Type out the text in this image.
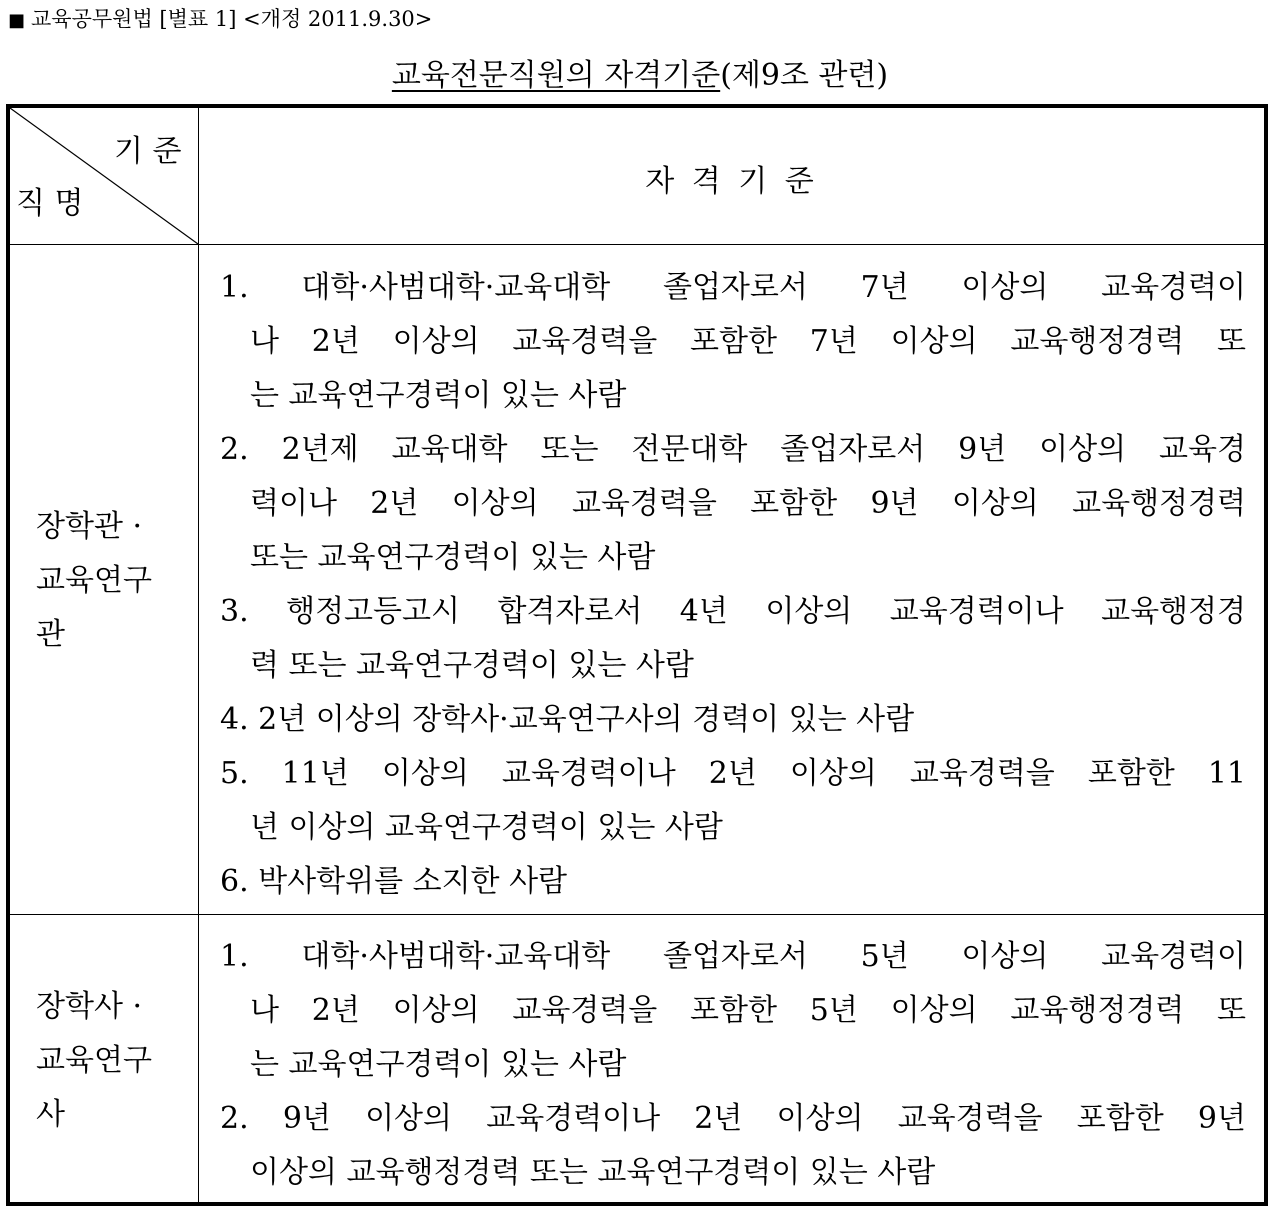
■ 교육공무원법 [별표 1] <개정 2011.9.30>
교육전문직원의 자격기준(제9조 관련)
기 준
직 명
자 격 기 준
장학관 ·
교육연구
관
1. 대학·사범대학·교육대학 졸업자로서 7년 이상의 교육경력이
나 2년 이상의 교육경력을 포함한 7년 이상의 교육행정경력 또
는 교육연구경력이 있는 사람
2. 2년제 교육대학 또는 전문대학 졸업자로서 9년 이상의 교육경
력이나 2년 이상의 교육경력을 포함한 9년 이상의 교육행정경력
또는 교육연구경력이 있는 사람
3. 행정고등고시 합격자로서 4년 이상의 교육경력이나 교육행정경
력 또는 교육연구경력이 있는 사람
4. 2년 이상의 장학사·교육연구사의 경력이 있는 사람
5. 11년 이상의 교육경력이나 2년 이상의 교육경력을 포함한 11
년 이상의 교육연구경력이 있는 사람
6. 박사학위를 소지한 사람
장학사 ·
교육연구
사
1. 대학·사범대학·교육대학 졸업자로서 5년 이상의 교육경력이
나 2년 이상의 교육경력을 포함한 5년 이상의 교육행정경력 또
는 교육연구경력이 있는 사람
2. 9년 이상의 교육경력이나 2년 이상의 교육경력을 포함한 9년
이상의 교육행정경력 또는 교육연구경력이 있는 사람
